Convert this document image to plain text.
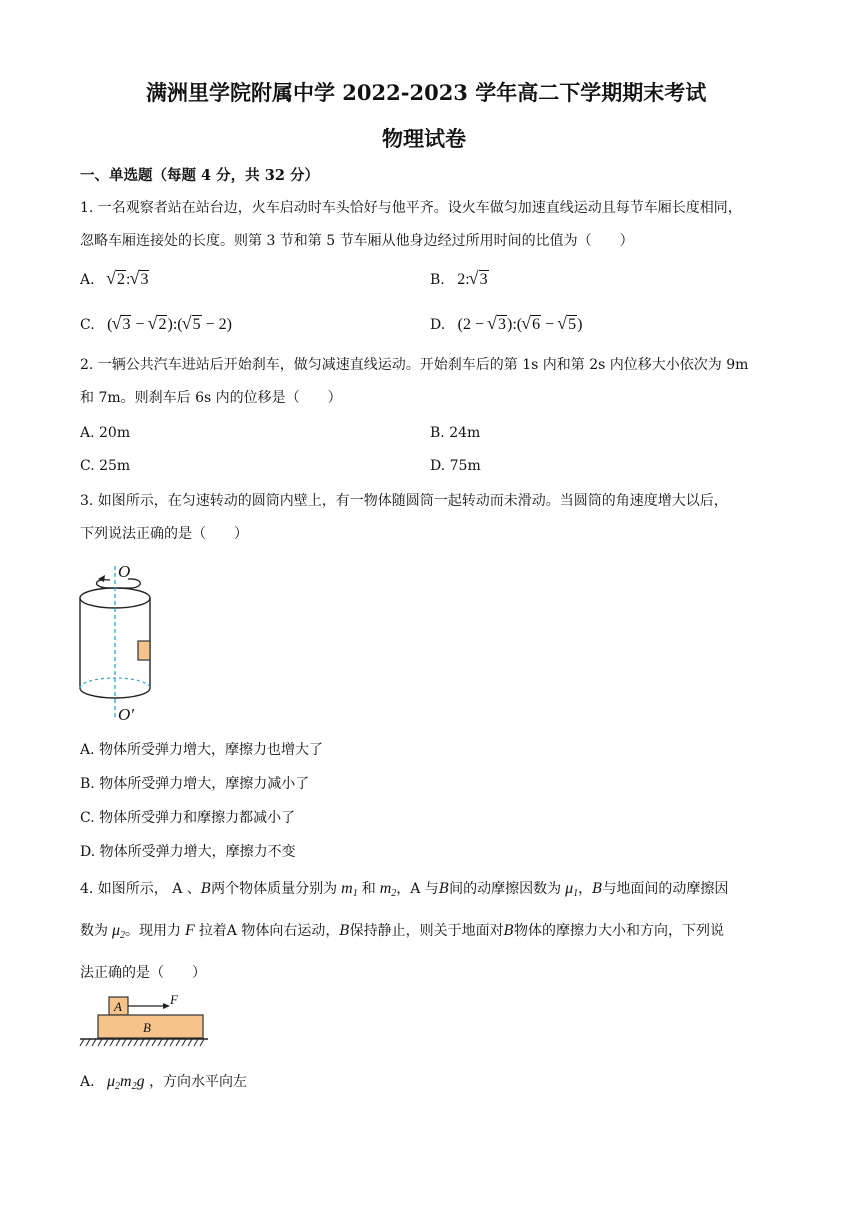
满洲里学院附属中学 2022-2023 学年高二下学期期末考试
物理试卷
一、单选题（每题 4 分，共 32 分）
1. 一名观察者站在站台边，火车启动时车头恰好与他平齐。设火车做匀加速直线运动且每节车厢长度相同，
忽略车厢连接处的长度。则第 3 节和第 5 节车厢从他身边经过所用时间的比值为（　　）
A. √ 2: √ 3	B. 2: √ 3
C. ( √ 3 − √ 2):( √ 5 − 2)	D. (2 − √ 3):( √ 6 − √ 5)
2. 一辆公共汽车进站后开始刹车，做匀减速直线运动。开始刹车后的第 1s 内和第 2s 内位移大小依次为 9m
和 7m。则刹车后 6s 内的位移是（　　）
A. 20m	B. 24m
C. 25m	D. 75m
3. 如图所示，在匀速转动的圆筒内壁上，有一物体随圆筒一起转动而未滑动。当圆筒的角速度增大以后，
下列说法正确的是（　　）
O
O′
A. 物体所受弹力增大，摩擦力也增大了
B. 物体所受弹力增大，摩擦力减小了
C. 物体所受弹力和摩擦力都减小了
D. 物体所受弹力增大，摩擦力不变
4. 如图所示， A 、B两个物体质量分别为 $m_1$ 和 $m_2$，A 与B间的动摩擦因数为 $\mu_1$，B与地面间的动摩擦因
数为 $\mu_2$。现用力 F 拉着A 物体向右运动，B保持静止，则关于地面对B物体的摩擦力大小和方向，下列说
法正确的是（　　）
A	F
B
A. $\mu_2m_2g$ ，方向水平向左
